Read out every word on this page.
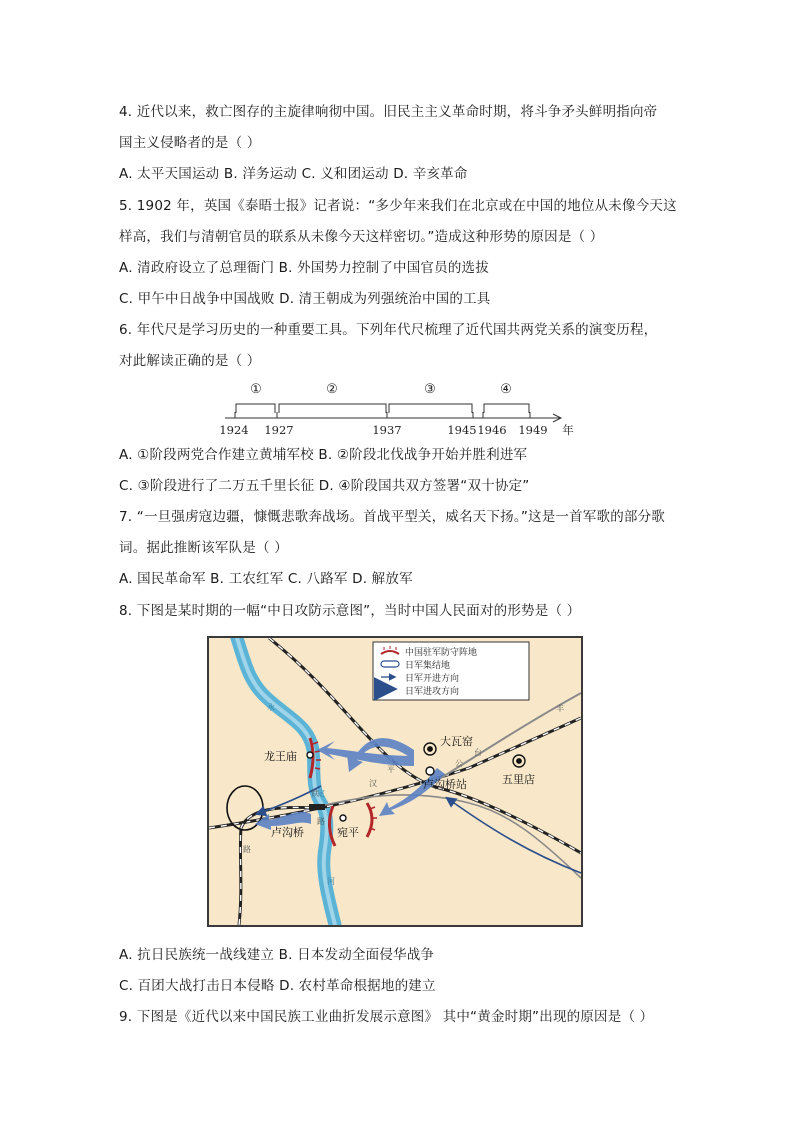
4. 近代以来，救亡图存的主旋律响彻中国。旧民主主义革命时期，将斗争矛头鲜明指向帝
国主义侵略者的是（ ）
A. 太平天国运动 B. 洋务运动 C. 义和团运动 D. 辛亥革命
5. 1902 年，英国《泰晤士报》记者说：“多少年来我们在北京或在中国的地位从未像今天这
样高，我们与清朝官员的联系从未像今天这样密切。”造成这种形势的原因是（ ）
A. 清政府设立了总理衙门 B. 外国势力控制了中国官员的选拔
C. 甲午中日战争中国战败 D. 清王朝成为列强统治中国的工具
6. 年代尺是学习历史的一种重要工具。下列年代尺梳理了近代国共两党关系的演变历程，
对此解读正确的是（ ）
①	②	③	④
1924 1927	1937	1945 1946 1949 年
A. ①阶段两党合作建立黄埔军校 B. ②阶段北伐战争开始并胜利进军
C. ③阶段进行了二万五千里长征 D. ④阶段国共双方签署“双十协定”
7. “一旦强虏寇边疆，慷慨悲歌奔战场。首战平型关，威名天下扬。”这是一首军歌的部分歌
词。据此推断该军队是（ ）
A. 国民革命军 B. 工农红军 C. 八路军 D. 解放军
8. 下图是某时期的一幅“中日攻防示意图”，当时中国人民面对的形势是（ ）
中国驻军防守阵地
日军集结地
日军开进方向
日军进攻方向
大瓦窑
龙王庙
卢沟桥站	五里店
卢沟桥	宛平
丰
台
公
路
平
汉
铁
路
永
定
河
A. 抗日民族统一战线建立 B. 日本发动全面侵华战争
C. 百团大战打击日本侵略 D. 农村革命根据地的建立
9. 下图是《近代以来中国民族工业曲折发展示意图》 其中“黄金时期”出现的原因是（ ）
